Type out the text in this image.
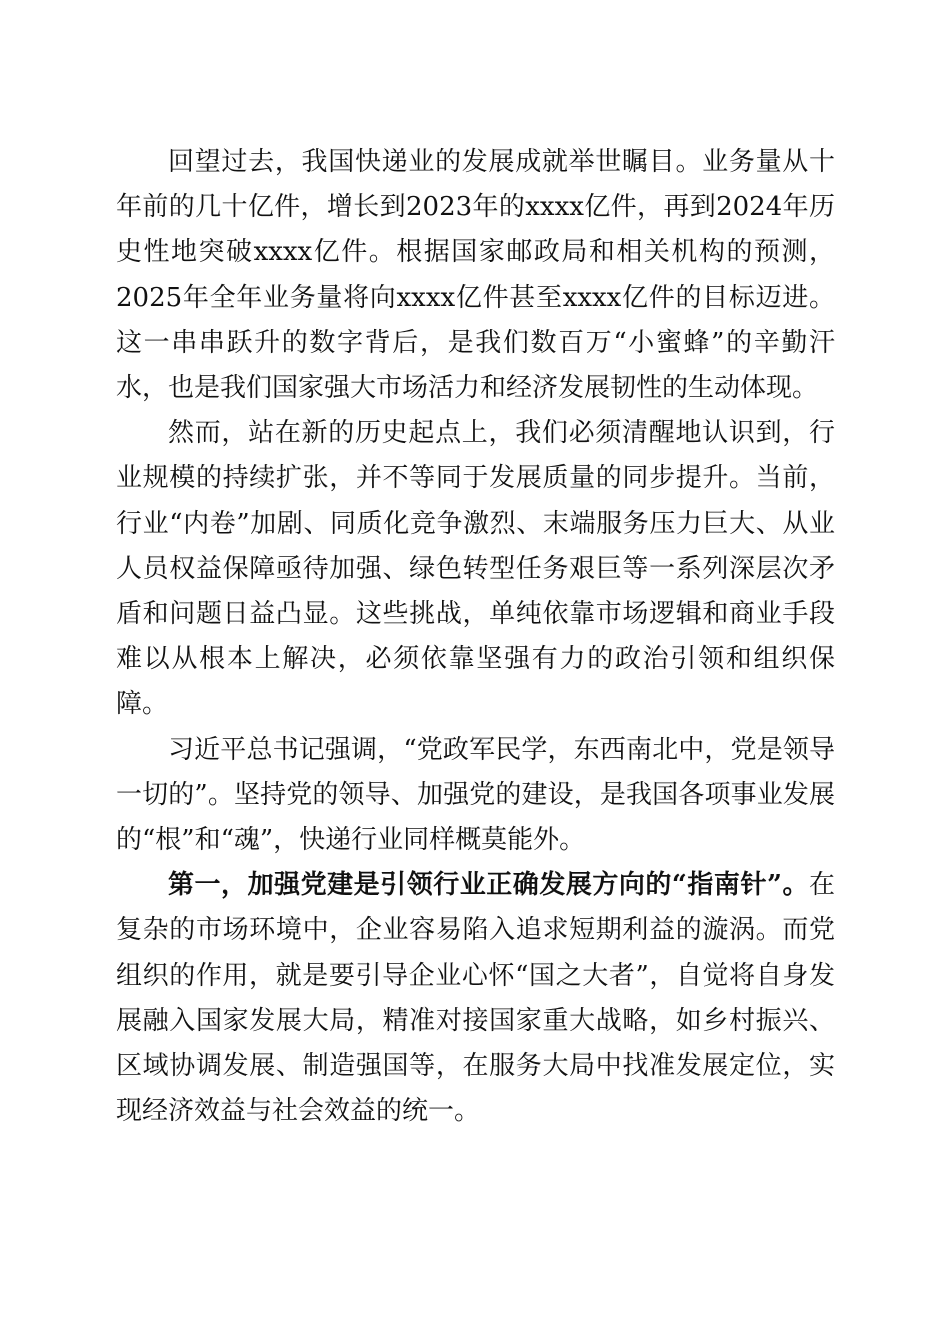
回望过去，我国快递业的发展成就举世瞩目。业务量从十年前的几十亿件，增长到2023年的xxxx亿件，再到2024年历史性地突破xxxx亿件。根据国家邮政局和相关机构的预测，2025年全年业务量将向xxxx亿件甚至xxxx亿件的目标迈进。这一串串跃升的数字背后，是我们数百万“小蜜蜂”的辛勤汗水，也是我们国家强大市场活力和经济发展韧性的生动体现。

然而，站在新的历史起点上，我们必须清醒地认识到，行业规模的持续扩张，并不等同于发展质量的同步提升。当前，行业“内卷”加剧、同质化竞争激烈、末端服务压力巨大、从业人员权益保障亟待加强、绿色转型任务艰巨等一系列深层次矛盾和问题日益凸显。这些挑战，单纯依靠市场逻辑和商业手段难以从根本上解决，必须依靠坚强有力的政治引领和组织保障。

习近平总书记强调，“党政军民学，东西南北中，党是领导一切的”。坚持党的领导、加强党的建设，是我国各项事业发展的“根”和“魂”，快递行业同样概莫能外。

第一，加强党建是引领行业正确发展方向的“指南针”。在复杂的市场环境中，企业容易陷入追求短期利益的漩涡。而党组织的作用，就是要引导企业心怀“国之大者”，自觉将自身发展融入国家发展大局，精准对接国家重大战略，如乡村振兴、区域协调发展、制造强国等，在服务大局中找准发展定位，实现经济效益与社会效益的统一。
